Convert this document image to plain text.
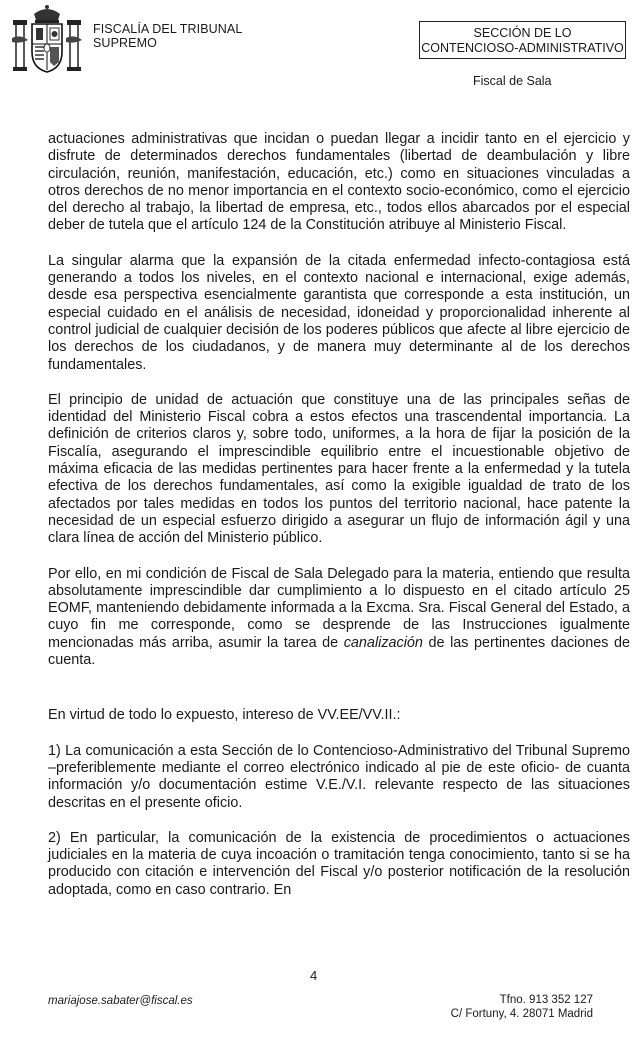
FISCALÍA DEL TRIBUNAL
SUPREMO
SECCIÓN DE LO
CONTENCIOSO-ADMINISTRATIVO
Fiscal de Sala

actuaciones administrativas que incidan o puedan llegar a incidir tanto en el ejercicio y disfrute de determinados derechos fundamentales (libertad de deambulación y libre circulación, reunión, manifestación, educación, etc.) como en situaciones vinculadas a otros derechos de no menor importancia en el contexto socio-económico, como el ejercicio del derecho al trabajo, la libertad de empresa, etc., todos ellos abarcados por el especial deber de tutela que el artículo 124 de la Constitución atribuye al Ministerio Fiscal.

La singular alarma que la expansión de la citada enfermedad infecto-contagiosa está generando a todos los niveles, en el contexto nacional e internacional, exige además, desde esa perspectiva esencialmente garantista que corresponde a esta institución, un especial cuidado en el análisis de necesidad, idoneidad y proporcionalidad inherente al control judicial de cualquier decisión de los poderes públicos que afecte al libre ejercicio de los derechos de los ciudadanos, y de manera muy determinante al de los derechos fundamentales.

El principio de unidad de actuación que constituye una de las principales señas de identidad del Ministerio Fiscal cobra a estos efectos una trascendental importancia. La definición de criterios claros y, sobre todo, uniformes, a la hora de fijar la posición de la Fiscalía, asegurando el imprescindible equilibrio entre el incuestionable objetivo de máxima eficacia de las medidas pertinentes para hacer frente a la enfermedad y la tutela efectiva de los derechos fundamentales, así como la exigible igualdad de trato de los afectados por tales medidas en todos los puntos del territorio nacional, hace patente la necesidad de un especial esfuerzo dirigido a asegurar un flujo de información ágil y una clara línea de acción del Ministerio público.

Por ello, en mi condición de Fiscal de Sala Delegado para la materia, entiendo que resulta absolutamente imprescindible dar cumplimiento a lo dispuesto en el citado artículo 25 EOMF, manteniendo debidamente informada a la Excma. Sra. Fiscal General del Estado, a cuyo fin me corresponde, como se desprende de las Instrucciones igualmente mencionadas más arriba, asumir la tarea de canalización de las pertinentes daciones de cuenta.

En virtud de todo lo expuesto, intereso de VV.EE/VV.II.:

1) La comunicación a esta Sección de lo Contencioso-Administrativo del Tribunal Supremo –preferiblemente mediante el correo electrónico indicado al pie de este oficio- de cuanta información y/o documentación estime V.E./V.I. relevante respecto de las situaciones descritas en el presente oficio.

2) En particular, la comunicación de la existencia de procedimientos o actuaciones judiciales en la materia de cuya incoación o tramitación tenga conocimiento, tanto si se ha producido con citación e intervención del Fiscal y/o posterior notificación de la resolución adoptada, como en caso contrario. En

4
mariajose.sabater@fiscal.es	Tfno. 913 352 127
C/ Fortuny, 4. 28071 Madrid
